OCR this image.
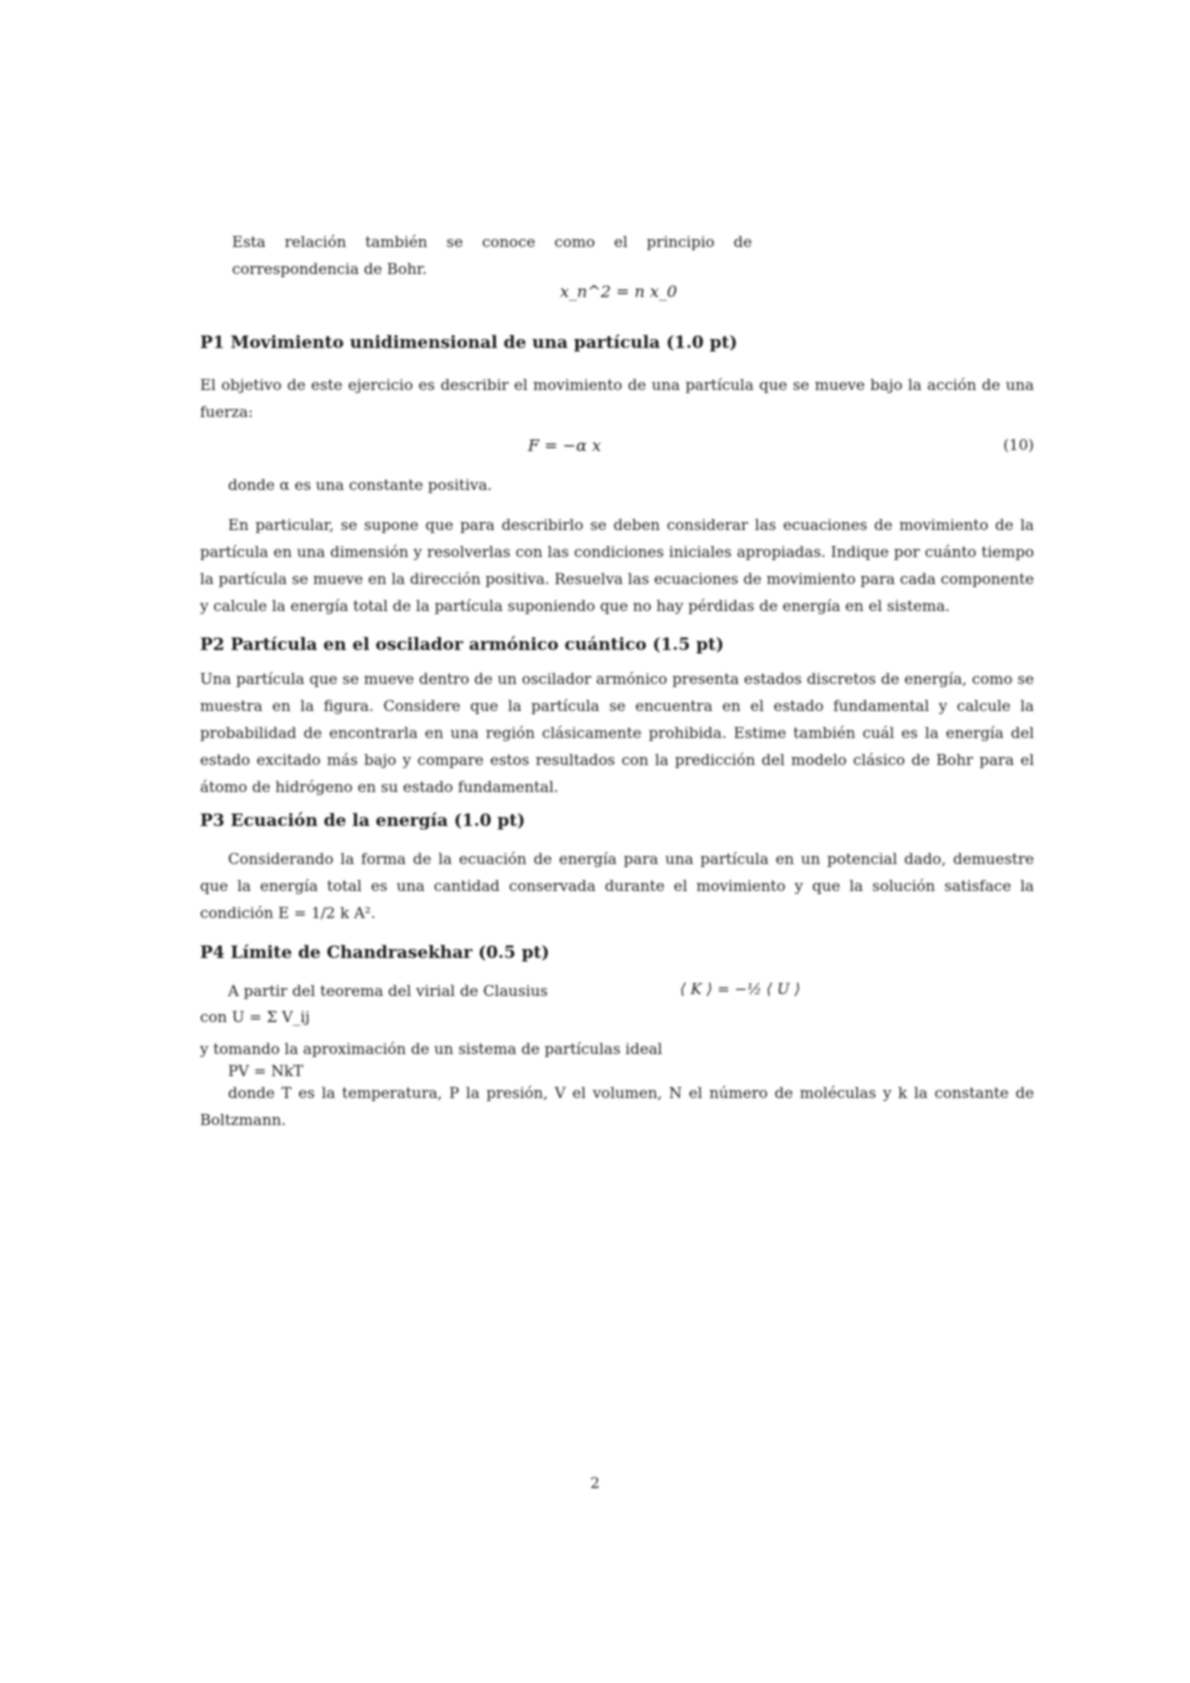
Esta relación también se conoce como el principio de correspondencia de Bohr.

x_n^2 = n x_0
P1 Movimiento unidimensional de una partícula (1.0 pt)

El objetivo de este ejercicio es describir el movimiento de una partícula que se mueve bajo la acción de una fuerza:

F = −α x	(10)

donde α es una constante positiva.

En particular, se supone que para describirlo se deben considerar las ecuaciones de movimiento de la partícula en una dimensión y resolverlas con las condiciones iniciales apropiadas. Indique por cuánto tiempo la partícula se mueve en la dirección positiva. Resuelva las ecuaciones de movimiento para cada componente y calcule la energía total de la partícula suponiendo que no hay pérdidas de energía en el sistema.

P2 Partícula en el oscilador armónico cuántico (1.5 pt)

Una partícula que se mueve dentro de un oscilador armónico presenta estados discretos de energía, como se muestra en la figura. Considere que la partícula se encuentra en el estado fundamental y calcule la probabilidad de encontrarla en una región clásicamente prohibida. Estime también cuál es la energía del estado excitado más bajo y compare estos resultados con la predicción del modelo clásico de Bohr para el átomo de hidrógeno en su estado fundamental.

P3 Ecuación de la energía (1.0 pt)

Considerando la forma de la ecuación de energía para una partícula en un potencial dado, demuestre que la energía total es una cantidad conservada durante el movimiento y que la solución satisface la condición E = 1/2 k A².

P4 Límite de Chandrasekhar (0.5 pt)

A partir del teorema del virial de Clausius	⟨ K ⟩ = −½ ⟨ U ⟩

con U = Σ V_ij

y tomando la aproximación de un sistema de partículas ideal

PV = NkT

donde T es la temperatura, P la presión, V el volumen, N el número de moléculas y k la constante de Boltzmann.

2
